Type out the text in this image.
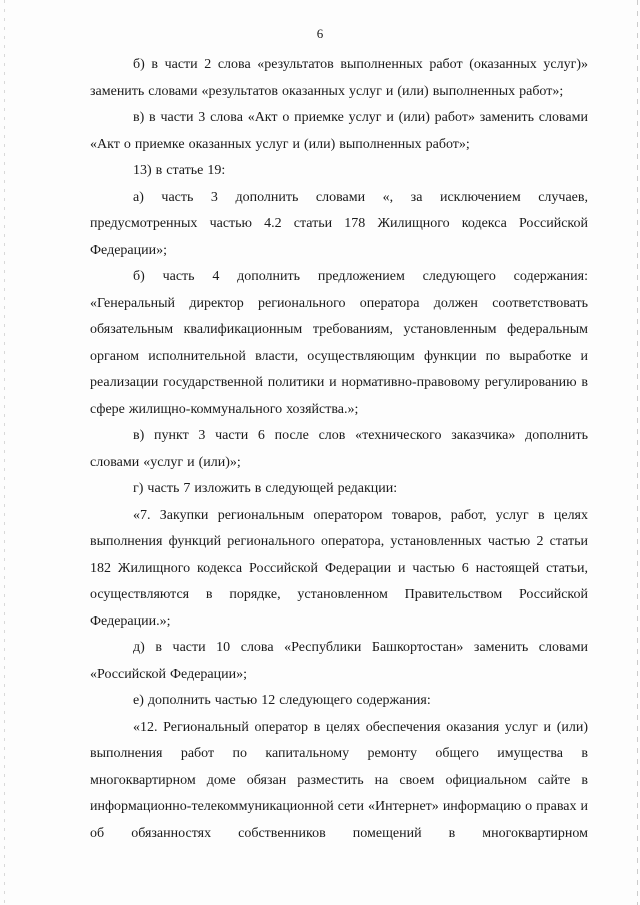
6

б) в части 2 слова «результатов выполненных работ (оказанных услуг)» заменить словами «результатов оказанных услуг и (или) выполненных работ»;

в) в части 3 слова «Акт о приемке услуг и (или) работ» заменить словами «Акт о приемке оказанных услуг и (или) выполненных работ»;

13) в статье 19:

а) часть 3 дополнить словами «, за исключением случаев, предусмотренных частью 4.2 статьи 178 Жилищного кодекса Российской Федерации»;

б) часть 4 дополнить предложением следующего содержания: «Генеральный директор регионального оператора должен соответствовать обязательным квалификационным требованиям, установленным федеральным органом исполнительной власти, осуществляющим функции по выработке и реализации государственной политики и нормативно-правовому регулированию в сфере жилищно-коммунального хозяйства.»;

в) пункт 3 части 6 после слов «технического заказчика» дополнить словами «услуг и (или)»;

г) часть 7 изложить в следующей редакции:

«7. Закупки региональным оператором товаров, работ, услуг в целях выполнения функций регионального оператора, установленных частью 2 статьи 182 Жилищного кодекса Российской Федерации и частью 6 настоящей статьи, осуществляются в порядке, установленном Правительством Российской Федерации.»;

д) в части 10 слова «Республики Башкортостан» заменить словами «Российской Федерации»;

е) дополнить частью 12 следующего содержания:

«12. Региональный оператор в целях обеспечения оказания услуг и (или) выполнения работ по капитальному ремонту общего имущества в многоквартирном доме обязан разместить на своем официальном сайте в информационно-телекоммуникационной сети «Интернет» информацию о правах и об обязанностях собственников помещений в многоквартирном
